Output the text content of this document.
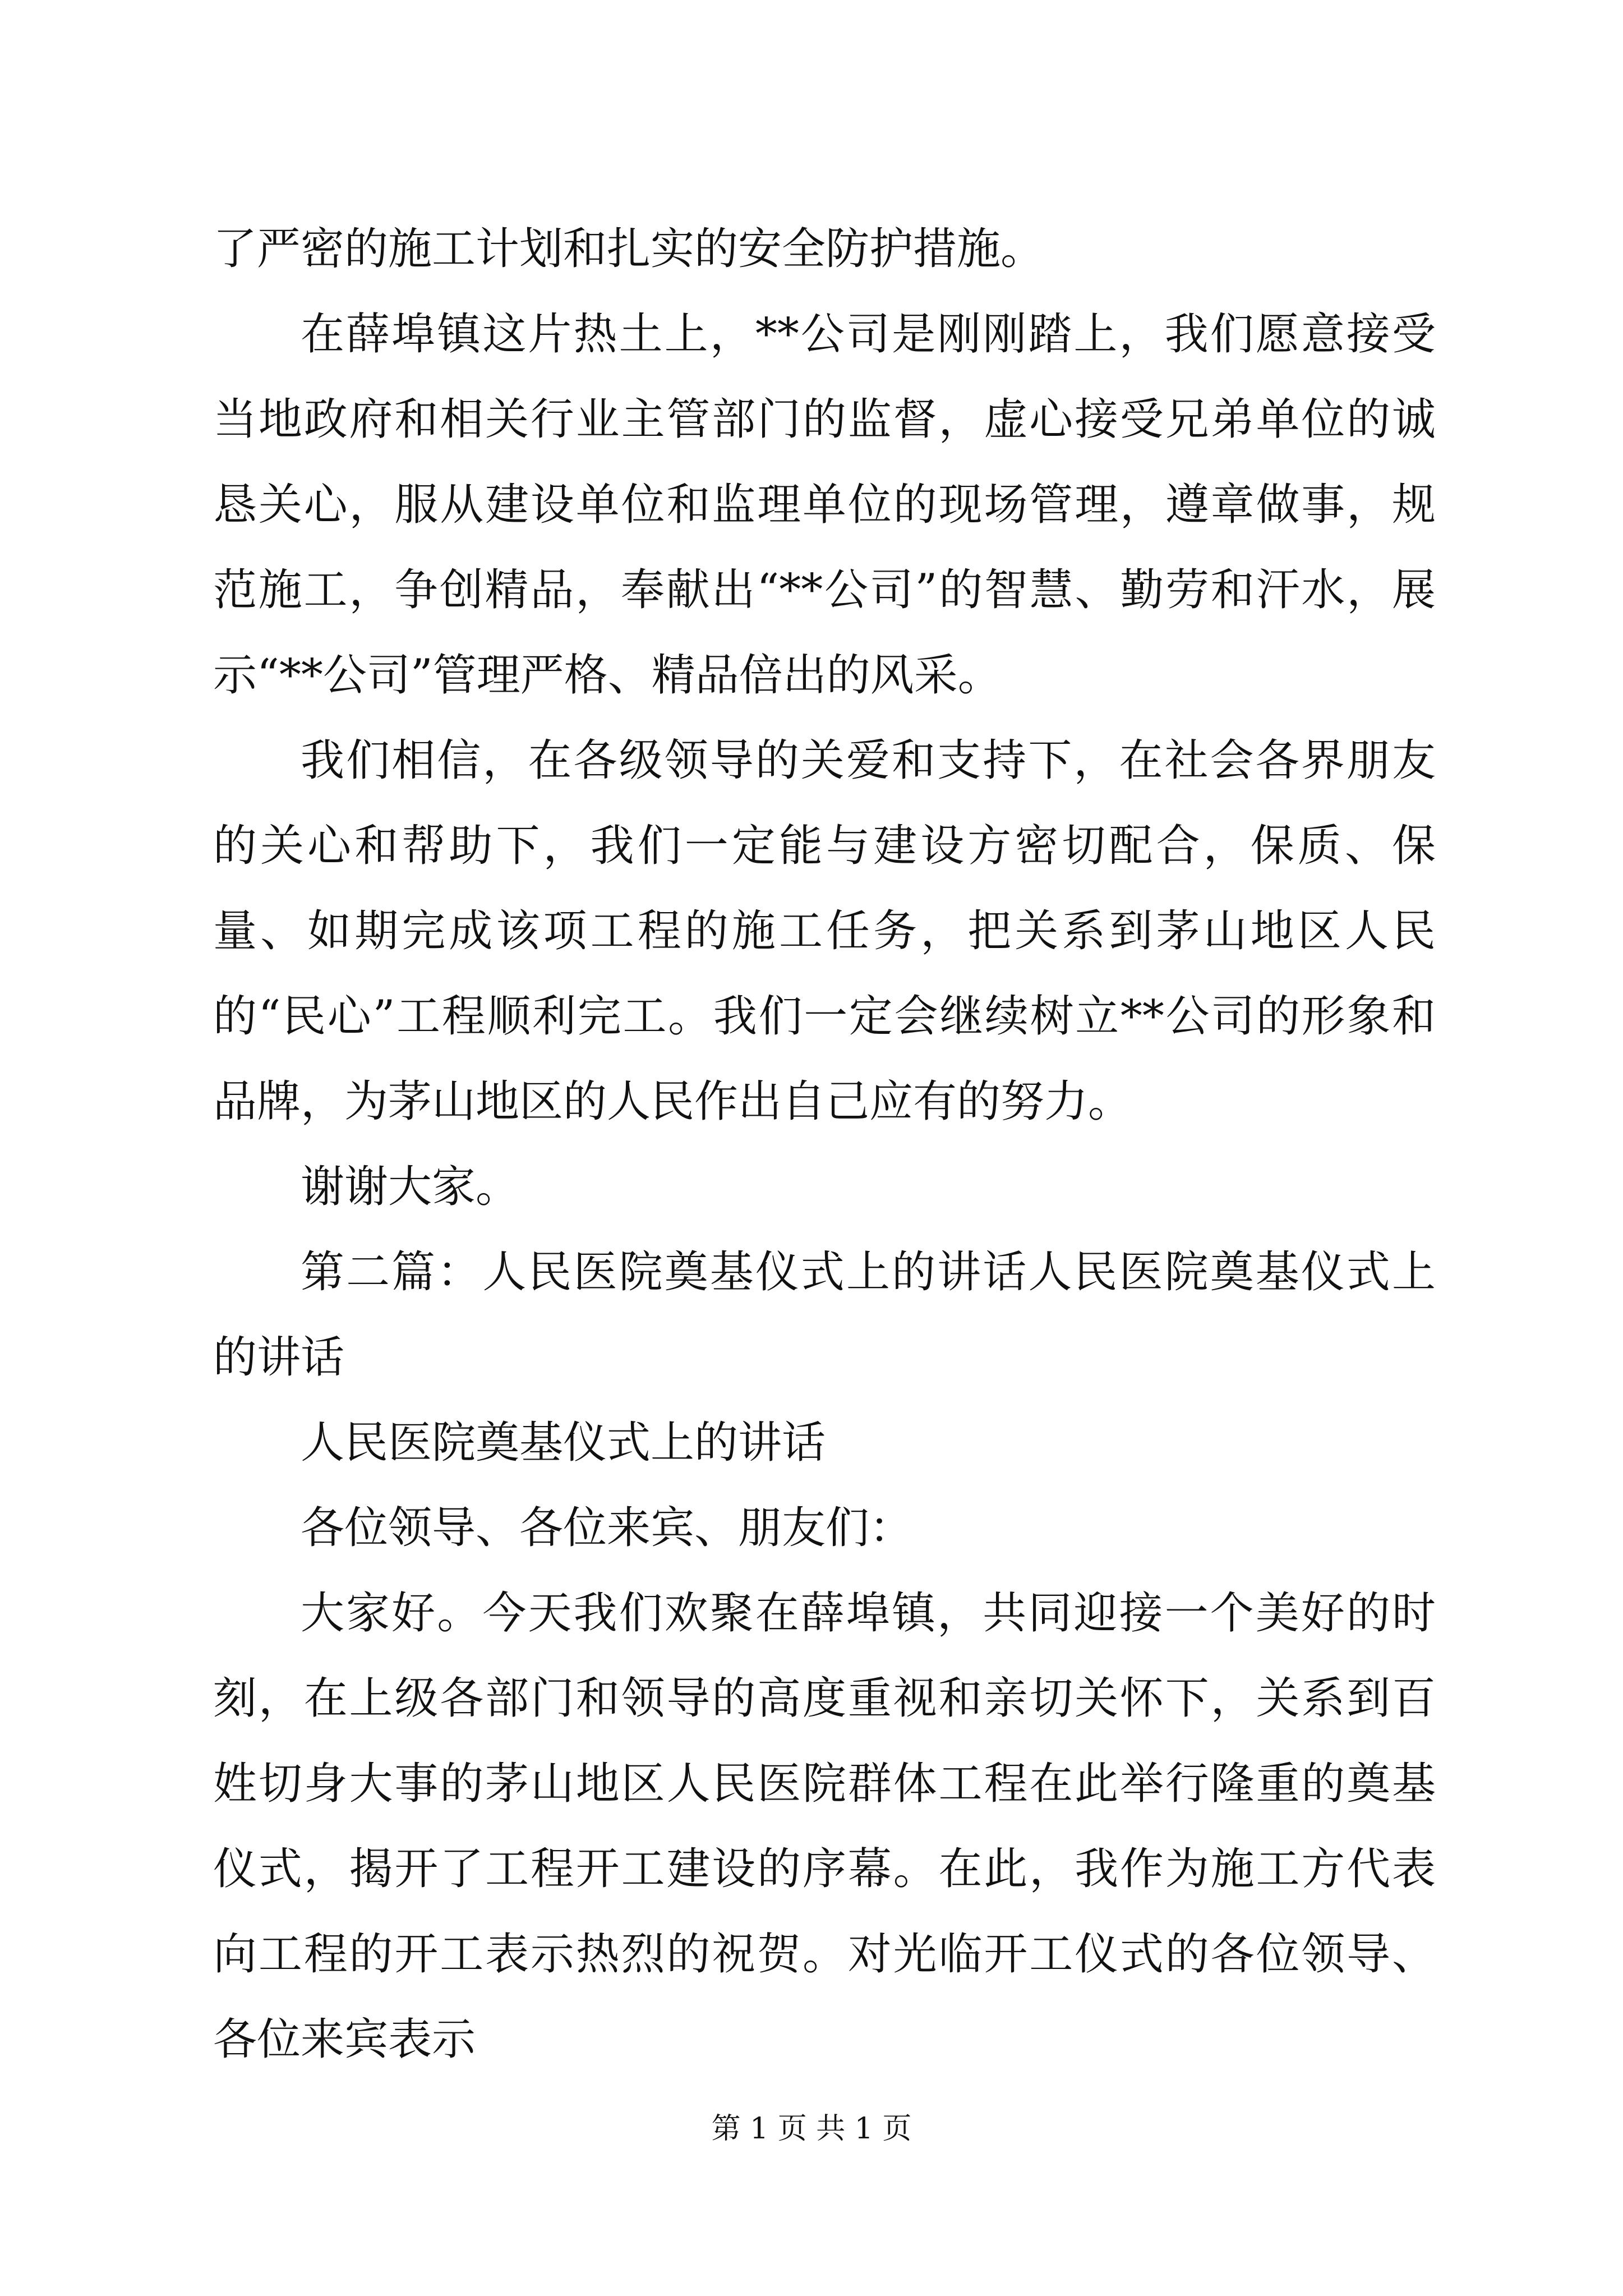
了严密的施工计划和扎实的安全防护措施。

在薛埠镇这片热土上，**公司是刚刚踏上，我们愿意接受当地政府和相关行业主管部门的监督，虚心接受兄弟单位的诚恳关心，服从建设单位和监理单位的现场管理，遵章做事，规范施工，争创精品，奉献出“**公司”的智慧、勤劳和汗水，展示“**公司”管理严格、精品倍出的风采。

我们相信，在各级领导的关爱和支持下，在社会各界朋友的关心和帮助下，我们一定能与建设方密切配合，保质、保量、如期完成该项工程的施工任务，把关系到茅山地区人民的“民心”工程顺利完工。我们一定会继续树立**公司的形象和品牌，为茅山地区的人民作出自己应有的努力。

谢谢大家。

第二篇：人民医院奠基仪式上的讲话人民医院奠基仪式上的讲话

人民医院奠基仪式上的讲话

各位领导、各位来宾、朋友们：

大家好。今天我们欢聚在薛埠镇，共同迎接一个美好的时刻，在上级各部门和领导的高度重视和亲切关怀下，关系到百姓切身大事的茅山地区人民医院群体工程在此举行隆重的奠基仪式，揭开了工程开工建设的序幕。在此，我作为施工方代表向工程的开工表示热烈的祝贺。对光临开工仪式的各位领导、各位来宾表示

第 1 页 共 1 页
